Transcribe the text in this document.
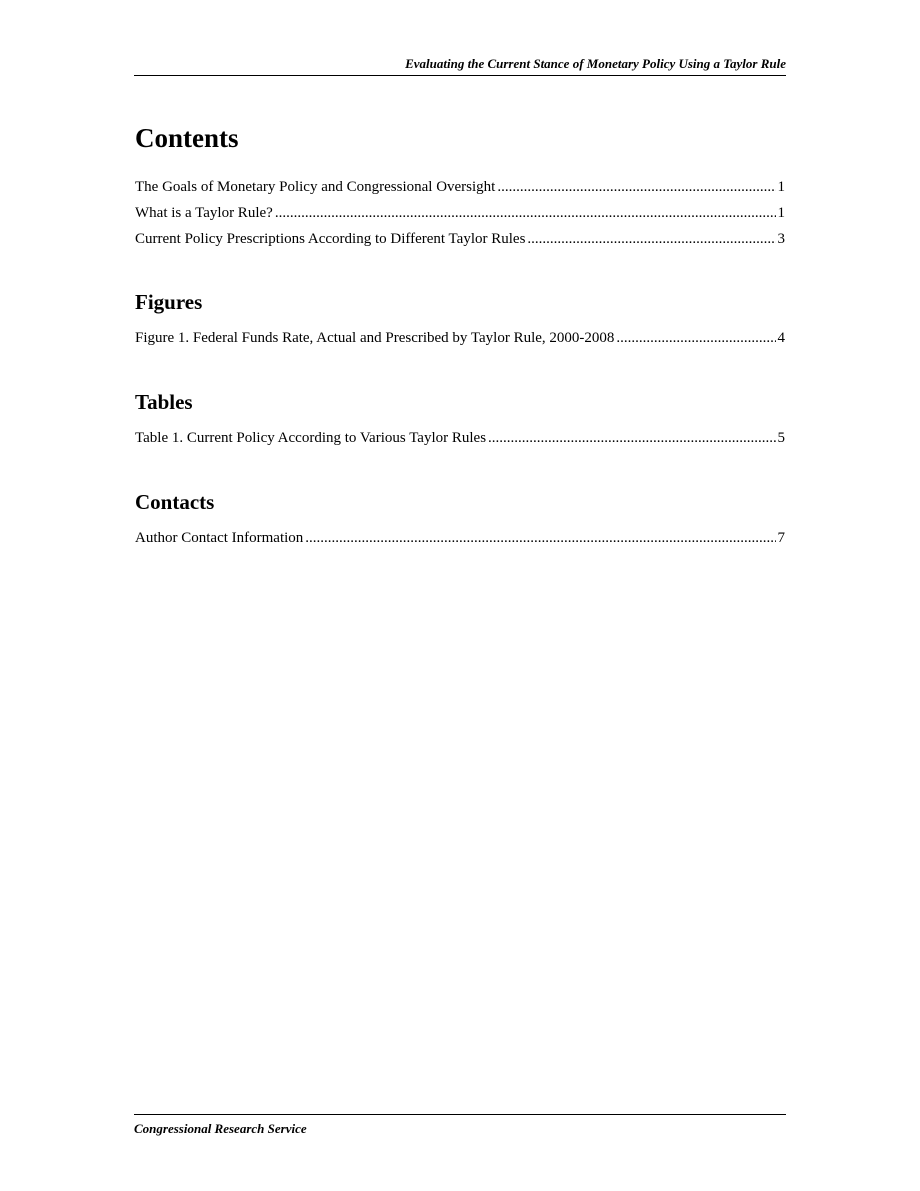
Evaluating the Current Stance of Monetary Policy Using a Taylor Rule
Contents
The Goals of Monetary Policy and Congressional Oversight .....	1
What is a Taylor Rule? .....	1
Current Policy Prescriptions According to Different Taylor Rules .....	3
Figures
Figure 1. Federal Funds Rate, Actual and Prescribed by Taylor Rule, 2000-2008 .....	4
Tables
Table 1. Current Policy According to Various Taylor Rules .....	5
Contacts
Author Contact Information .....	7
Congressional Research Service
